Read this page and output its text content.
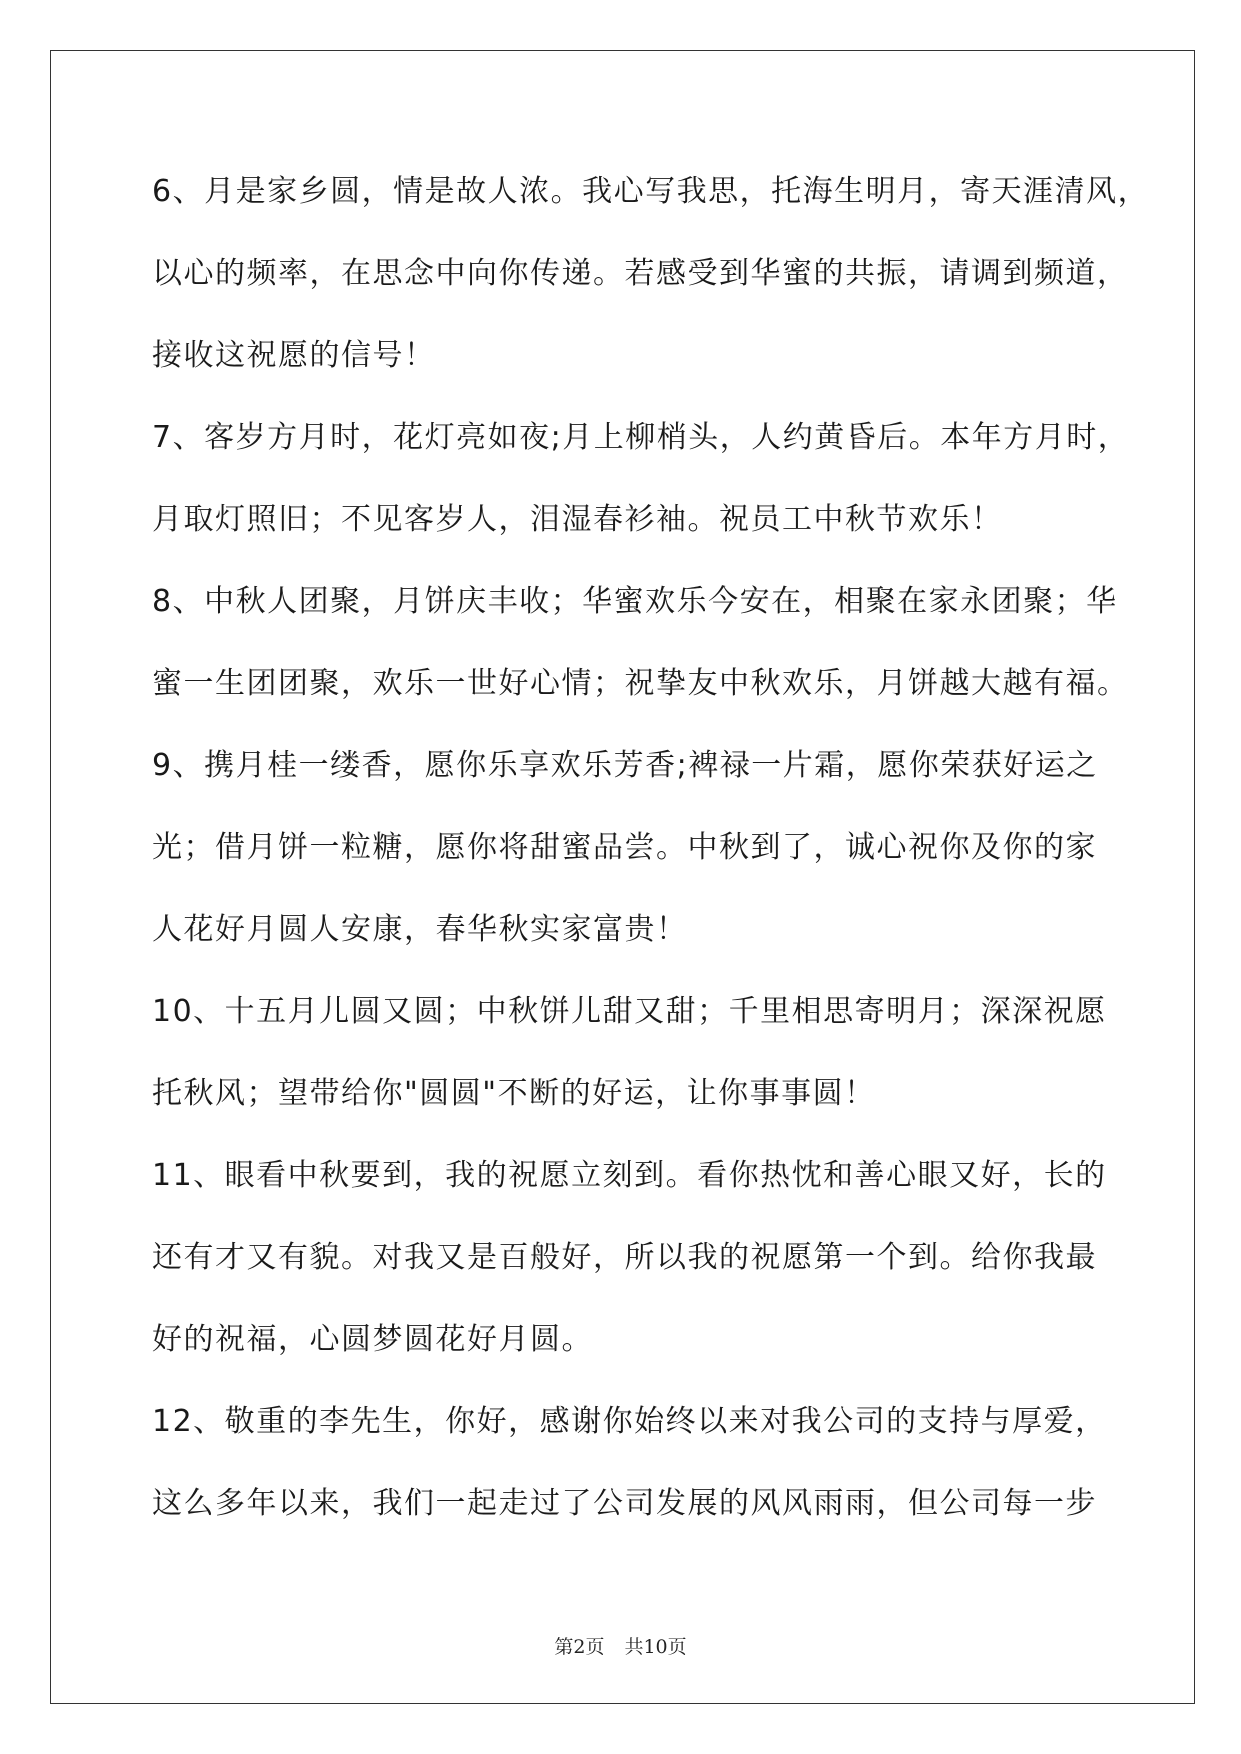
6、月是家乡圆，情是故人浓。我心写我思，托海生明月，寄天涯清风，
以心的频率，在思念中向你传递。若感受到华蜜的共振，请调到频道，
接收这祝愿的信号！
7、客岁方月时，花灯亮如夜;月上柳梢头，人约黄昏后。本年方月时，
月取灯照旧；不见客岁人，泪湿春衫袖。祝员工中秋节欢乐！
8、中秋人团聚，月饼庆丰收；华蜜欢乐今安在，相聚在家永团聚；华
蜜一生团团聚，欢乐一世好心情；祝挚友中秋欢乐，月饼越大越有福。
9、携月桂一缕香，愿你乐享欢乐芳香;裨禄一片霜，愿你荣获好运之
光；借月饼一粒糖，愿你将甜蜜品尝。中秋到了，诚心祝你及你的家
人花好月圆人安康，春华秋实家富贵！
10、十五月儿圆又圆；中秋饼儿甜又甜；千里相思寄明月；深深祝愿
托秋风；望带给你"圆圆"不断的好运，让你事事圆！
11、眼看中秋要到，我的祝愿立刻到。看你热忱和善心眼又好，长的
还有才又有貌。对我又是百般好，所以我的祝愿第一个到。给你我最
好的祝福，心圆梦圆花好月圆。
12、敬重的李先生，你好，感谢你始终以来对我公司的支持与厚爱，
这么多年以来，我们一起走过了公司发展的风风雨雨，但公司每一步
第2页 共10页
